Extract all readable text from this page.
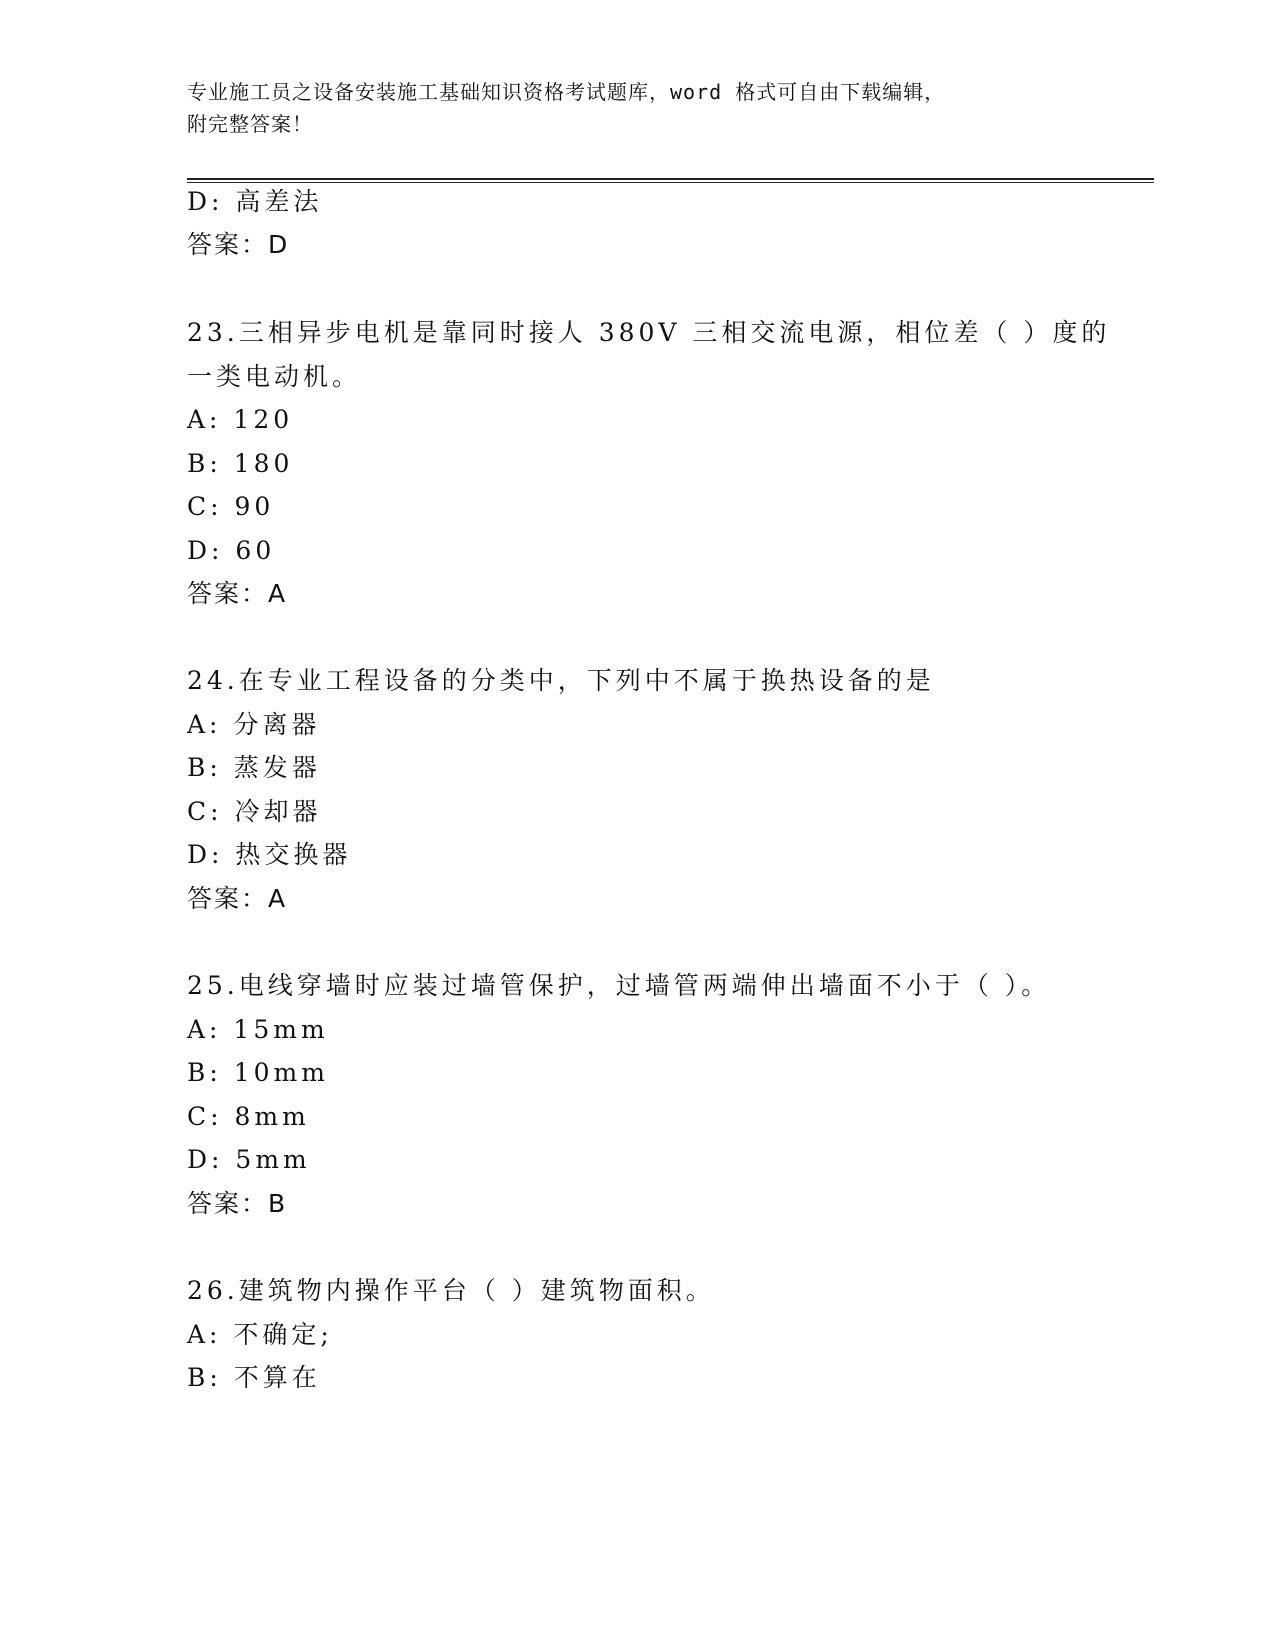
专业施工员之设备安装施工基础知识资格考试题库，word 格式可自由下载编辑，
附完整答案！
D: 高差法
答案：D
23.三相异步电机是靠同时接人 380V 三相交流电源，相位差（ ）度的
一类电动机。
A: 120
B: 180
C: 90
D: 60
答案：A
24.在专业工程设备的分类中，下列中不属于换热设备的是
A: 分离器
B: 蒸发器
C: 冷却器
D: 热交换器
答案：A
25.电线穿墙时应装过墙管保护，过墙管两端伸出墙面不小于（ ）。
A: 15mm
B: 10mm
C: 8mm
D: 5mm
答案：B
26.建筑物内操作平台（ ）建筑物面积。
A: 不确定;
B: 不算在
